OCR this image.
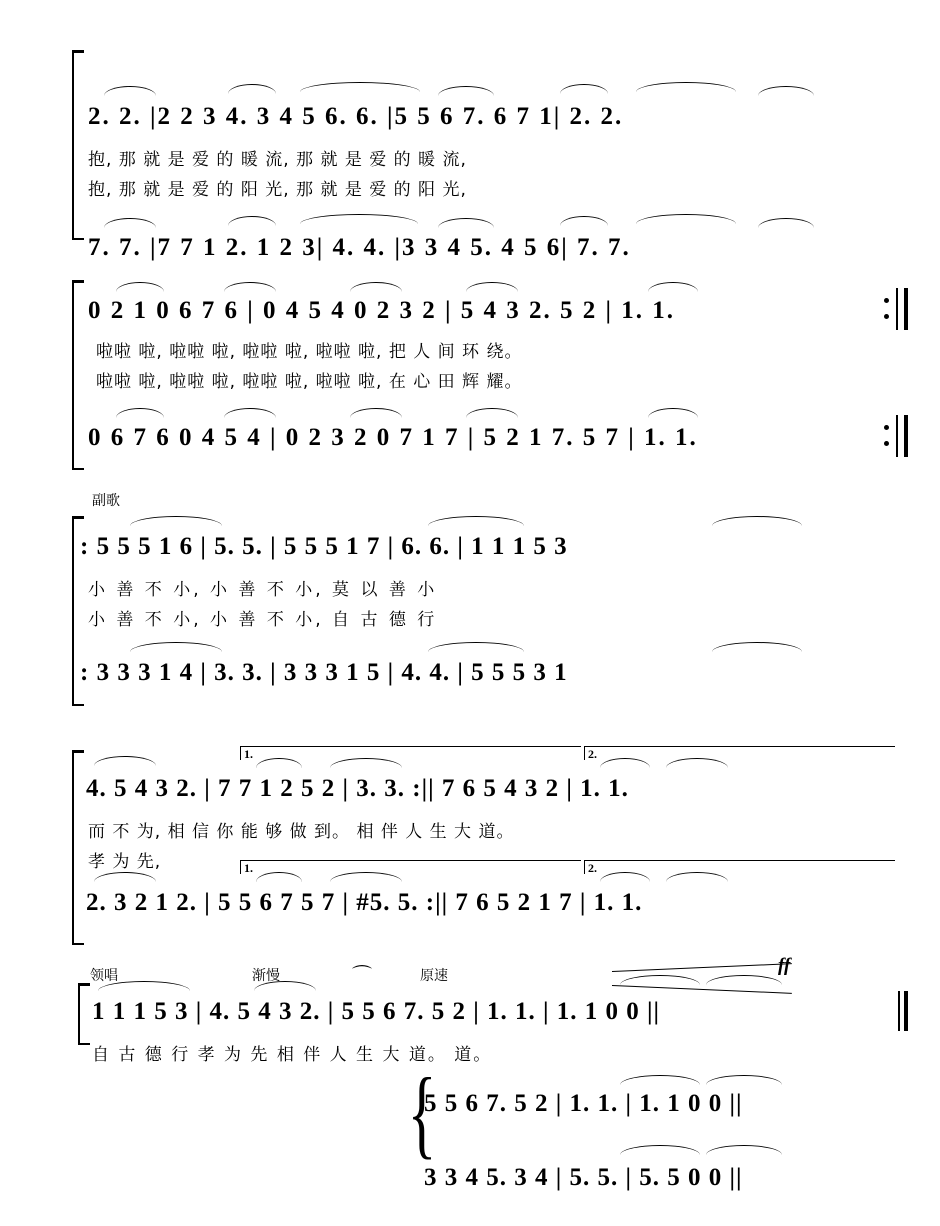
2. 2. |2 2 3 4. 3 4 5 6. 6. |5 5 6 7. 6 7 1| 2. 2.
抱, 那 就 是 爱 的 暖 流, 那 就 是 爱 的 暖 流,
抱, 那 就 是 爱 的 阳 光, 那 就 是 爱 的 阳 光,
7. 7. |7 7 1 2. 1 2 3| 4. 4. |3 3 4 5. 4 5 6| 7. 7.
0 2 1 0 6 7 6 | 0 4 5 4 0 2 3 2 | 5 4 3 2. 5 2 | 1. 1.
啦啦 啦, 啦啦 啦, 啦啦 啦, 啦啦 啦, 把 人 间 环 绕。
啦啦 啦, 啦啦 啦, 啦啦 啦, 啦啦 啦, 在 心 田 辉 耀。
0 6 7 6 0 4 5 4 | 0 2 3 2 0 7 1 7 | 5 2 1 7. 5 7 | 1. 1.
副歌
: 5 5 5 1 6 | 5. 5. | 5 5 5 1 7 | 6. 6. | 1 1 1 5 3
小 善 不 小, 小 善 不 小, 莫 以 善 小
小 善 不 小, 小 善 不 小, 自 古 德 行
: 3 3 3 1 4 | 3. 3. | 3 3 3 1 5 | 4. 4. | 5 5 5 3 1
1.	2.
4. 5 4 3 2. | 7 7 1 2 5 2 | 3. 3. :|| 7 6 5 4 3 2 | 1. 1.
而 不 为, 相 信 你 能 够 做 到。 相 伴 人 生 大 道。
孝 为 先,	1.	2.
2. 3 2 1 2. | 5 5 6 7 5 7 | #5. 5. :|| 7 6 5 2 1 7 | 1. 1.
领唱	渐慢	⌒	原速	ff
1 1 1 5 3 | 4. 5 4 3 2. | 5 5 6 7. 5 2 | 1. 1. | 1. 1 0 0 ||
自 古 德 行 孝 为 先 相 伴 人 生 大 道。 道。
{
5 5 6 7. 5 2 | 1. 1. | 1. 1 0 0 ||
3 3 4 5. 3 4 | 5. 5. | 5. 5 0 0 ||
